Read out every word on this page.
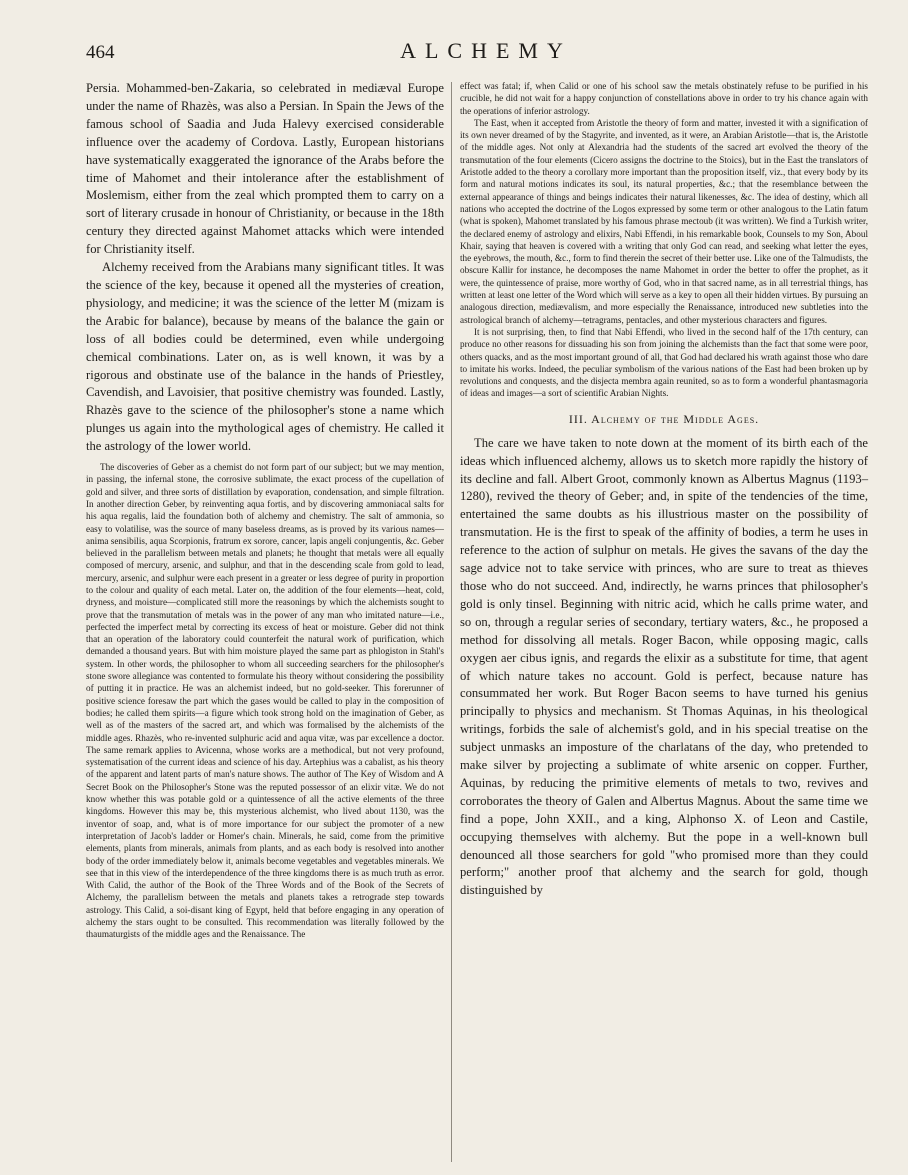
464	ALCHEMY

Persia. Mohammed-ben-Zakaria, so celebrated in mediæval Europe under the name of Rhazès, was also a Persian. In Spain the Jews of the famous school of Saadia and Juda Halevy exercised considerable influence over the academy of Cordova. Lastly, European historians have systematically exaggerated the ignorance of the Arabs before the time of Mahomet and their intolerance after the establishment of Moslemism, either from the zeal which prompted them to carry on a sort of literary crusade in honour of Christianity, or because in the 18th century they directed against Mahomet attacks which were intended for Christianity itself.

Alchemy received from the Arabians many significant titles. It was the science of the key, because it opened all the mysteries of creation, physiology, and medicine; it was the science of the letter M (mizam is the Arabic for balance), because by means of the balance the gain or loss of all bodies could be determined, even while undergoing chemical combinations. Later on, as is well known, it was by a rigorous and obstinate use of the balance in the hands of Priestley, Cavendish, and Lavoisier, that positive chemistry was founded. Lastly, Rhazès gave to the science of the philosopher's stone a name which plunges us again into the mythological ages of chemistry. He called it the astrology of the lower world.

The discoveries of Geber as a chemist do not form part of our subject; but we may mention, in passing, the infernal stone, the corrosive sublimate, the exact process of the cupellation of gold and silver, and three sorts of distillation by evaporation, condensation, and simple filtration. In another direction Geber, by reinventing aqua fortis, and by discovering ammoniacal salts for his aqua regalis, laid the foundation both of alchemy and chemistry. The salt of ammonia, so easy to volatilise, was the source of many baseless dreams, as is proved by its various names—anima sensibilis, aqua Scorpionis, fratrum ex sorore, cancer, lapis angeli conjungentis, &c. Geber believed in the parallelism between metals and planets; he thought that metals were all equally composed of mercury, arsenic, and sulphur, and that in the descending scale from gold to lead, mercury, arsenic, and sulphur were each present in a greater or less degree of purity in proportion to the colour and quality of each metal. Later on, the addition of the four elements—heat, cold, dryness, and moisture—complicated still more the reasonings by which the alchemists sought to prove that the transmutation of metals was in the power of any man who imitated nature—i.e., perfected the imperfect metal by correcting its excess of heat or moisture. Geber did not think that an operation of the laboratory could counterfeit the natural work of purification, which demanded a thousand years. But with him moisture played the same part as phlogiston in Stahl's system. In other words, the philosopher to whom all succeeding searchers for the philosopher's stone swore allegiance was contented to formulate his theory without considering the possibility of putting it in practice. He was an alchemist indeed, but no gold-seeker. This forerunner of positive science foresaw the part which the gases would be called to play in the composition of bodies; he called them spirits—a figure which took strong hold on the imagination of Geber, as well as of the masters of the sacred art, and which was formalised by the alchemists of the middle ages. Rhazès, who re-invented sulphuric acid and aqua vitæ, was par excellence a doctor. The same remark applies to Avicenna, whose works are a methodical, but not very profound, systematisation of the current ideas and science of his day. Artephius was a cabalist, as his theory of the apparent and latent parts of man's nature shows. The author of The Key of Wisdom and A Secret Book on the Philosopher's Stone was the reputed possessor of an elixir vitæ. We do not know whether this was potable gold or a quintessence of all the active elements of the three kingdoms. However this may be, this mysterious alchemist, who lived about 1130, was the inventor of soap, and, what is of more importance for our subject the promoter of a new interpretation of Jacob's ladder or Homer's chain. Minerals, he said, come from the primitive elements, plants from minerals, animals from plants, and as each body is resolved into another body of the order immediately below it, animals become vegetables and vegetables minerals. We see that in this view of the interdependence of the three kingdoms there is as much truth as error. With Calid, the author of the Book of the Three Words and of the Book of the Secrets of Alchemy, the parallelism between the metals and planets takes a retrograde step towards astrology. This Calid, a soi-disant king of Egypt, held that before engaging in any operation of alchemy the stars ought to be consulted. This recommendation was literally followed by the thaumaturgists of the middle ages and the Renaissance. The

effect was fatal; if, when Calid or one of his school saw the metals obstinately refuse to be purified in his crucible, he did not wait for a happy conjunction of constellations above in order to try his chance again with the operations of inferior astrology.

The East, when it accepted from Aristotle the theory of form and matter, invested it with a signification of its own never dreamed of by the Stagyrite, and invented, as it were, an Arabian Aristotle—that is, the Aristotle of the middle ages. Not only at Alexandria had the students of the sacred art evolved the theory of the transmutation of the four elements (Cicero assigns the doctrine to the Stoics), but in the East the translators of Aristotle added to the theory a corollary more important than the proposition itself, viz., that every body by its form and natural motions indicates its soul, its natural properties, &c.; that the resemblance between the external appearance of things and beings indicates their natural likenesses, &c. The idea of destiny, which all nations who accepted the doctrine of the Logos expressed by some term or other analogous to the Latin fatum (what is spoken), Mahomet translated by his famous phrase mectoub (it was written). We find a Turkish writer, the declared enemy of astrology and elixirs, Nabi Effendi, in his remarkable book, Counsels to my Son, Aboul Khair, saying that heaven is covered with a writing that only God can read, and seeking what letter the eyes, the eyebrows, the mouth, &c., form to find therein the secret of their better use. Like one of the Talmudists, the obscure Kallir for instance, he decomposes the name Mahomet in order the better to offer the prophet, as it were, the quintessence of praise, more worthy of God, who in that sacred name, as in all terrestrial things, has written at least one letter of the Word which will serve as a key to open all their hidden virtues. By pursuing an analogous direction, mediævalism, and more especially the Renaissance, introduced new subtleties into the astrological branch of alchemy—tetragrams, pentacles, and other mysterious characters and figures.

It is not surprising, then, to find that Nabi Effendi, who lived in the second half of the 17th century, can produce no other reasons for dissuading his son from joining the alchemists than the fact that some were poor, others quacks, and as the most important ground of all, that God had declared his wrath against those who dare to imitate his works. Indeed, the peculiar symbolism of the various nations of the East had been broken up by revolutions and conquests, and the disjecta membra again reunited, so as to form a wonderful phantasmagoria of ideas and images—a sort of scientific Arabian Nights.

III. Alchemy of the Middle Ages.

The care we have taken to note down at the moment of its birth each of the ideas which influenced alchemy, allows us to sketch more rapidly the history of its decline and fall. Albert Groot, commonly known as Albertus Magnus (1193–1280), revived the theory of Geber; and, in spite of the tendencies of the time, entertained the same doubts as his illustrious master on the possibility of transmutation. He is the first to speak of the affinity of bodies, a term he uses in reference to the action of sulphur on metals. He gives the savans of the day the sage advice not to take service with princes, who are sure to treat as thieves those who do not succeed. And, indirectly, he warns princes that philosopher's gold is only tinsel. Beginning with nitric acid, which he calls prime water, and so on, through a regular series of secondary, tertiary waters, &c., he proposed a method for dissolving all metals. Roger Bacon, while opposing magic, calls oxygen aer cibus ignis, and regards the elixir as a substitute for time, that agent of which nature takes no account. Gold is perfect, because nature has consummated her work. But Roger Bacon seems to have turned his genius principally to physics and mechanism. St Thomas Aquinas, in his theological writings, forbids the sale of alchemist's gold, and in his special treatise on the subject unmasks an imposture of the charlatans of the day, who pretended to make silver by projecting a sublimate of white arsenic on copper. Further, Aquinas, by reducing the primitive elements of metals to two, revives and corroborates the theory of Galen and Albertus Magnus. About the same time we find a pope, John XXII., and a king, Alphonso X. of Leon and Castile, occupying themselves with alchemy. But the pope in a well-known bull denounced all those searchers for gold "who promised more than they could perform;" another proof that alchemy and the search for gold, though distinguished by
